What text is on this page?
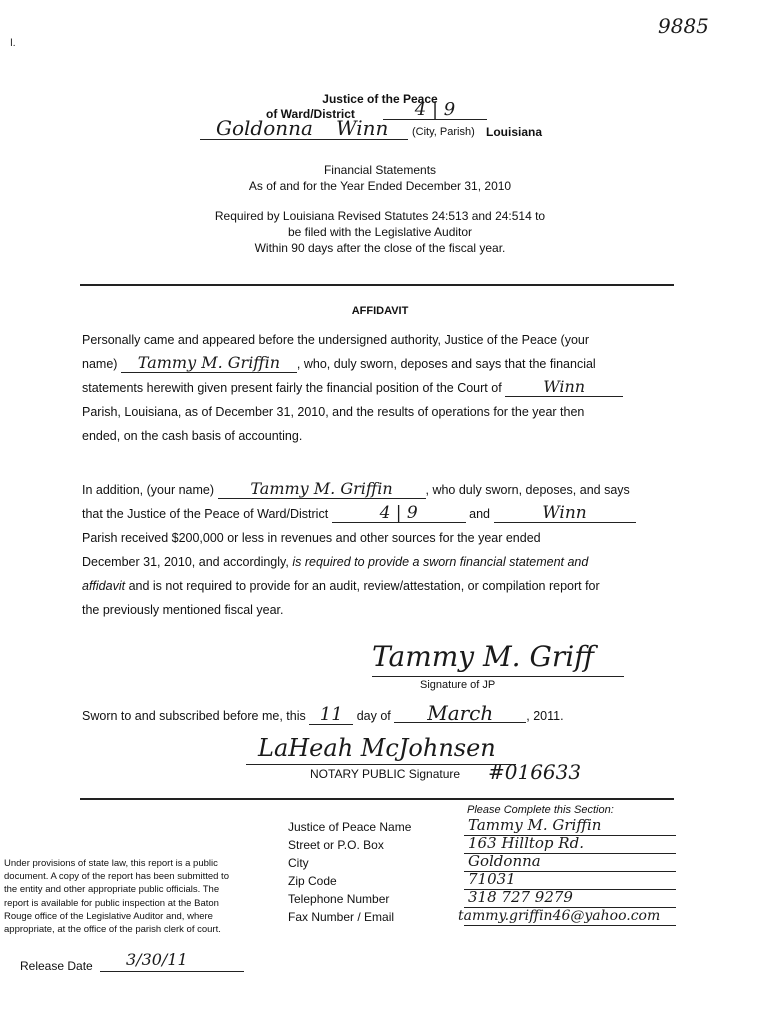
9885
ⅼ.
Justice of the Peace
of Ward/District	4 | 9
Goldonna Winn (City, Parish) Louisiana
Financial Statements
As of and for the Year Ended December 31, 2010
Required by Louisiana Revised Statutes 24:513 and 24:514 to
be filed with the Legislative Auditor
Within 90 days after the close of the fiscal year.
AFFIDAVIT
Personally came and appeared before the undersigned authority, Justice of the Peace (your
name) Tammy M. Griffin , who, duly sworn, deposes and says that the financial
statements herewith given present fairly the financial position of the Court of	Winn
Parish, Louisiana, as of December 31, 2010, and the results of operations for the year then
ended, on the cash basis of accounting.
In addition, (your name) Tammy M. Griffin	, who duly sworn, deposes, and says
that the Justice of the Peace of Ward/District	4 | 9	and	Winn
Parish received $200,000 or less in revenues and other sources for the year ended
December 31, 2010, and accordingly, is required to provide a sworn financial statement and
affidavit and is not required to provide for an audit, review/attestation, or compilation report for
the previously mentioned fiscal year.
Tammy M. Griff
Signature of JP
Sworn to and subscribed before me, this 11 day of March	, 2011.
LaHeah McJohnsen
NOTARY PUBLIC Signature #016633
Please Complete this Section:
Justice of Peace Name	Tammy M. Griffin
Street or P.O. Box	163 Hilltop Rd.
City	Goldonna
Zip Code	71031
Telephone Number	318 727 9279
Fax Number / Email	tammy.griffin46@yahoo.com
Under provisions of state law, this report is a public
document. A copy of the report has been submitted to
the entity and other appropriate public officials. The
report is available for public inspection at the Baton
Rouge office of the Legislative Auditor and, where
appropriate, at the office of the parish clerk of court.
Release Date 3/30/11
